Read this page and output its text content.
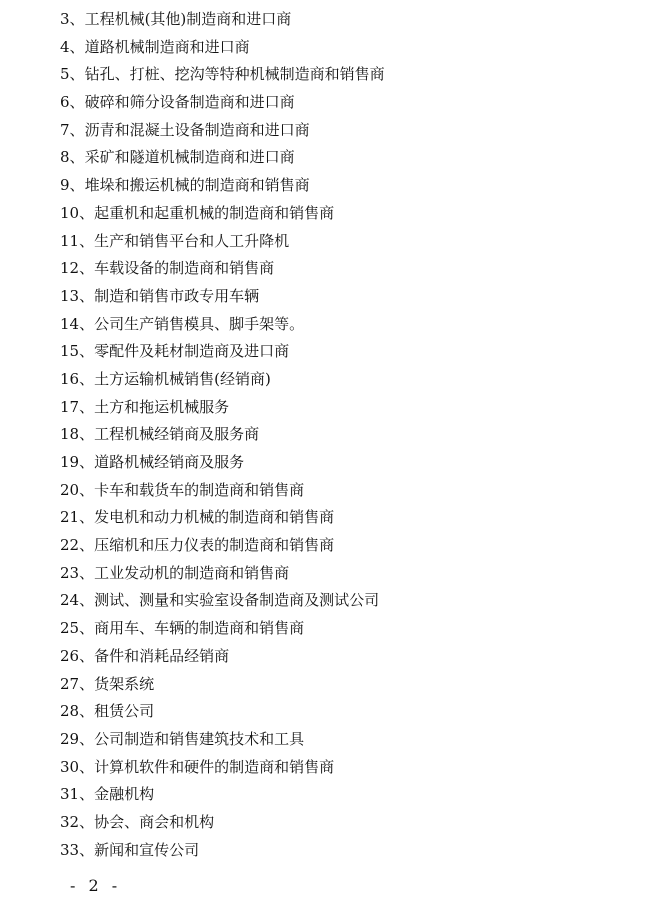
3、工程机械(其他)制造商和进口商
4、道路机械制造商和进口商
5、钻孔、打桩、挖沟等特种机械制造商和销售商
6、破碎和筛分设备制造商和进口商
7、沥青和混凝土设备制造商和进口商
8、采矿和隧道机械制造商和进口商
9、堆垛和搬运机械的制造商和销售商
10、起重机和起重机械的制造商和销售商
11、生产和销售平台和人工升降机
12、车载设备的制造商和销售商
13、制造和销售市政专用车辆
14、公司生产销售模具、脚手架等。
15、零配件及耗材制造商及进口商
16、土方运输机械销售(经销商)
17、土方和拖运机械服务
18、工程机械经销商及服务商
19、道路机械经销商及服务
20、卡车和载货车的制造商和销售商
21、发电机和动力机械的制造商和销售商
22、压缩机和压力仪表的制造商和销售商
23、工业发动机的制造商和销售商
24、测试、测量和实验室设备制造商及测试公司
25、商用车、车辆的制造商和销售商
26、备件和消耗品经销商
27、货架系统
28、租赁公司
29、公司制造和销售建筑技术和工具
30、计算机软件和硬件的制造商和销售商
31、金融机构
32、协会、商会和机构
33、新闻和宣传公司
- 2 -
